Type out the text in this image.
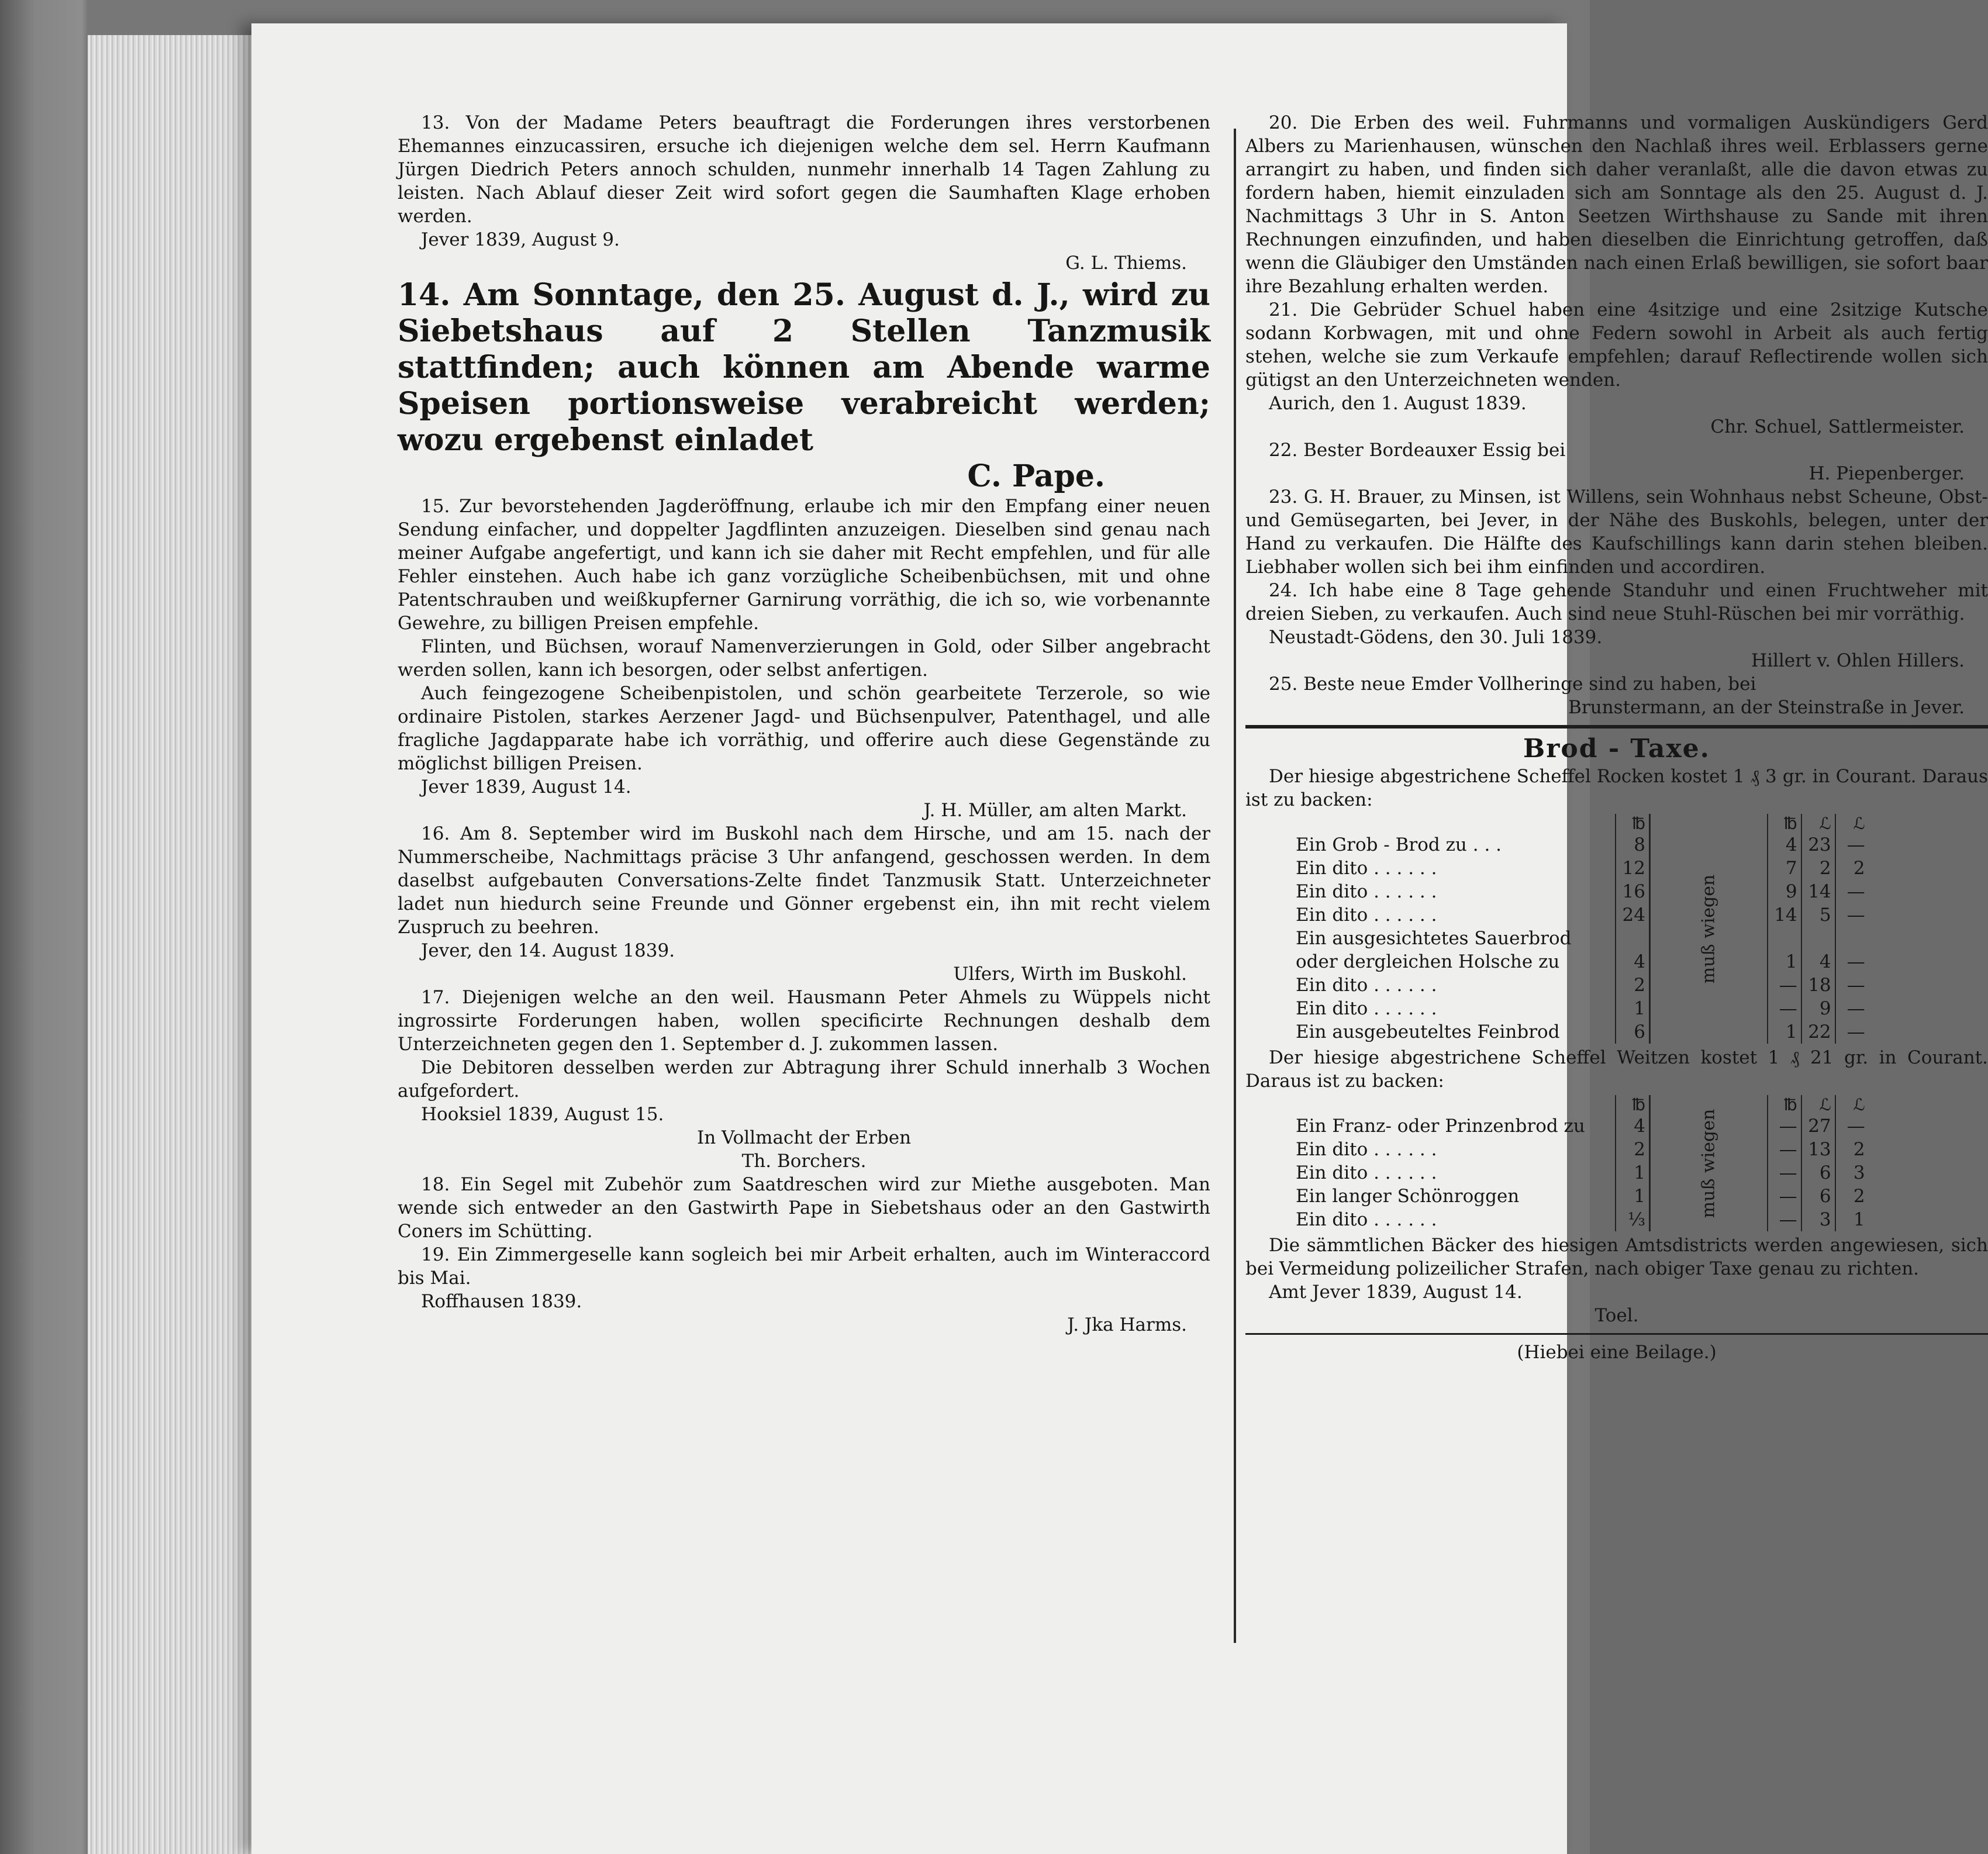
13. Von der Madame Peters beauftragt die Forderungen ihres verstorbenen Ehemannes einzucassiren, ersuche ich diejenigen welche dem sel. Herrn Kaufmann Jürgen Diedrich Peters annoch schulden, nunmehr innerhalb 14 Tagen Zahlung zu leisten. Nach Ablauf dieser Zeit wird sofort gegen die Saumhaften Klage erhoben werden.

Jever 1839, August 9.

G. L. Thiems.

14. Am Sonntage, den 25. August d. J., wird zu Siebetshaus auf 2 Stellen Tanzmusik stattfinden; auch können am Abende warme Speisen portionsweise verabreicht werden; wozu ergebenst einladet

C. Pape.

15. Zur bevorstehenden Jagderöffnung, erlaube ich mir den Empfang einer neuen Sendung einfacher, und doppelter Jagdflinten anzuzeigen. Dieselben sind genau nach meiner Aufgabe angefertigt, und kann ich sie daher mit Recht empfehlen, und für alle Fehler einstehen. Auch habe ich ganz vorzügliche Scheibenbüchsen, mit und ohne Patentschrauben und weißkupferner Garnirung vorräthig, die ich so, wie vorbenannte Gewehre, zu billigen Preisen empfehle.

Flinten, und Büchsen, worauf Namenverzierungen in Gold, oder Silber angebracht werden sollen, kann ich besorgen, oder selbst anfertigen.

Auch feingezogene Scheibenpistolen, und schön gearbeitete Terzerole, so wie ordinaire Pistolen, starkes Aerzener Jagd- und Büchsenpulver, Patenthagel, und alle fragliche Jagdapparate habe ich vorräthig, und offerire auch diese Gegenstände zu möglichst billigen Preisen.

Jever 1839, August 14.

J. H. Müller, am alten Markt.

16. Am 8. September wird im Buskohl nach dem Hirsche, und am 15. nach der Nummerscheibe, Nachmittags präcise 3 Uhr anfangend, geschossen werden. In dem daselbst aufgebauten Conversations-Zelte findet Tanzmusik Statt. Unterzeichneter ladet nun hiedurch seine Freunde und Gönner ergebenst ein, ihn mit recht vielem Zuspruch zu beehren.

Jever, den 14. August 1839.

Ulfers, Wirth im Buskohl.

17. Diejenigen welche an den weil. Hausmann Peter Ahmels zu Wüppels nicht ingrossirte Forderungen haben, wollen specificirte Rechnungen deshalb dem Unterzeichneten gegen den 1. September d. J. zukommen lassen.

Die Debitoren desselben werden zur Abtragung ihrer Schuld innerhalb 3 Wochen aufgefordert.

Hooksiel 1839, August 15.

In Vollmacht der Erben

Th. Borchers.

18. Ein Segel mit Zubehör zum Saatdreschen wird zur Miethe ausgeboten. Man wende sich entweder an den Gastwirth Pape in Siebetshaus oder an den Gastwirth Coners im Schütting.

19. Ein Zimmergeselle kann sogleich bei mir Arbeit erhalten, auch im Winteraccord bis Mai.

Roffhausen 1839.

J. Jka Harms.

20. Die Erben des weil. Fuhrmanns und vormaligen Auskündigers Gerd Albers zu Marienhausen, wünschen den Nachlaß ihres weil. Erblassers gerne arrangirt zu haben, und finden sich daher veranlaßt, alle die davon etwas zu fordern haben, hiemit einzuladen sich am Sonntage als den 25. August d. J. Nachmittags 3 Uhr in S. Anton Seetzen Wirthshause zu Sande mit ihren Rechnungen einzufinden, und haben dieselben die Einrichtung getroffen, daß wenn die Gläubiger den Umständen nach einen Erlaß bewilligen, sie sofort baar ihre Bezahlung erhalten werden.

21. Die Gebrüder Schuel haben eine 4sitzige und eine 2sitzige Kutsche sodann Korbwagen, mit und ohne Federn sowohl in Arbeit als auch fertig stehen, welche sie zum Verkaufe empfehlen; darauf Reflectirende wollen sich gütigst an den Unterzeichneten wenden.

Aurich, den 1. August 1839.

Chr. Schuel, Sattlermeister.

22. Bester Bordeauxer Essig bei

H. Piepenberger.

23. G. H. Brauer, zu Minsen, ist Willens, sein Wohnhaus nebst Scheune, Obst- und Gemüsegarten, bei Jever, in der Nähe des Buskohls, belegen, unter der Hand zu verkaufen. Die Hälfte des Kaufschillings kann darin stehen bleiben. Liebhaber wollen sich bei ihm einfinden und accordiren.

24. Ich habe eine 8 Tage gehende Standuhr und einen Fruchtweher mit dreien Sieben, zu verkaufen. Auch sind neue Stuhl-Rüschen bei mir vorräthig.

Neustadt-Gödens, den 30. Juli 1839.

Hillert v. Ohlen Hillers.

25. Beste neue Emder Vollheringe sind zu haben, bei

Brunstermann, an der Steinstraße in Jever.

Brod - Taxe.

Der hiesige abgestrichene Scheffel Rocken kostet 1 ₰ 3 gr. in Courant. Daraus ist zu backen:

	℔	muß wiegen	℔	ℒ	ℒ
Ein Grob - Brod zu . . .	8		4	23	—
Ein dito . . . . . .	12		7	2	2
Ein dito . . . . . .	16		9	14	—
Ein dito . . . . . .	24		14	5	—
Ein ausgesichtetes Sauerbrod					
oder dergleichen Holsche zu	4		1	4	—
Ein dito . . . . . .	2		—	18	—
Ein dito . . . . . .	1		—	9	—
Ein ausgebeuteltes Feinbrod	6		1	22	—

Der hiesige abgestrichene Scheffel Weitzen kostet 1 ₰ 21 gr. in Courant. Daraus ist zu backen:

	℔	muß wiegen	℔	ℒ	ℒ
Ein Franz- oder Prinzenbrod zu	4		—	27	—
Ein dito . . . . . .	2		—	13	2
Ein dito . . . . . .	1		—	6	3
Ein langer Schönroggen	1		—	6	2
Ein dito . . . . . .	⅓		—	3	1

Die sämmtlichen Bäcker des hiesigen Amtsdistricts werden angewiesen, sich bei Vermeidung polizeilicher Strafen, nach obiger Taxe genau zu richten.

Amt Jever 1839, August 14.

Toel.

(Hiebei eine Beilage.)
